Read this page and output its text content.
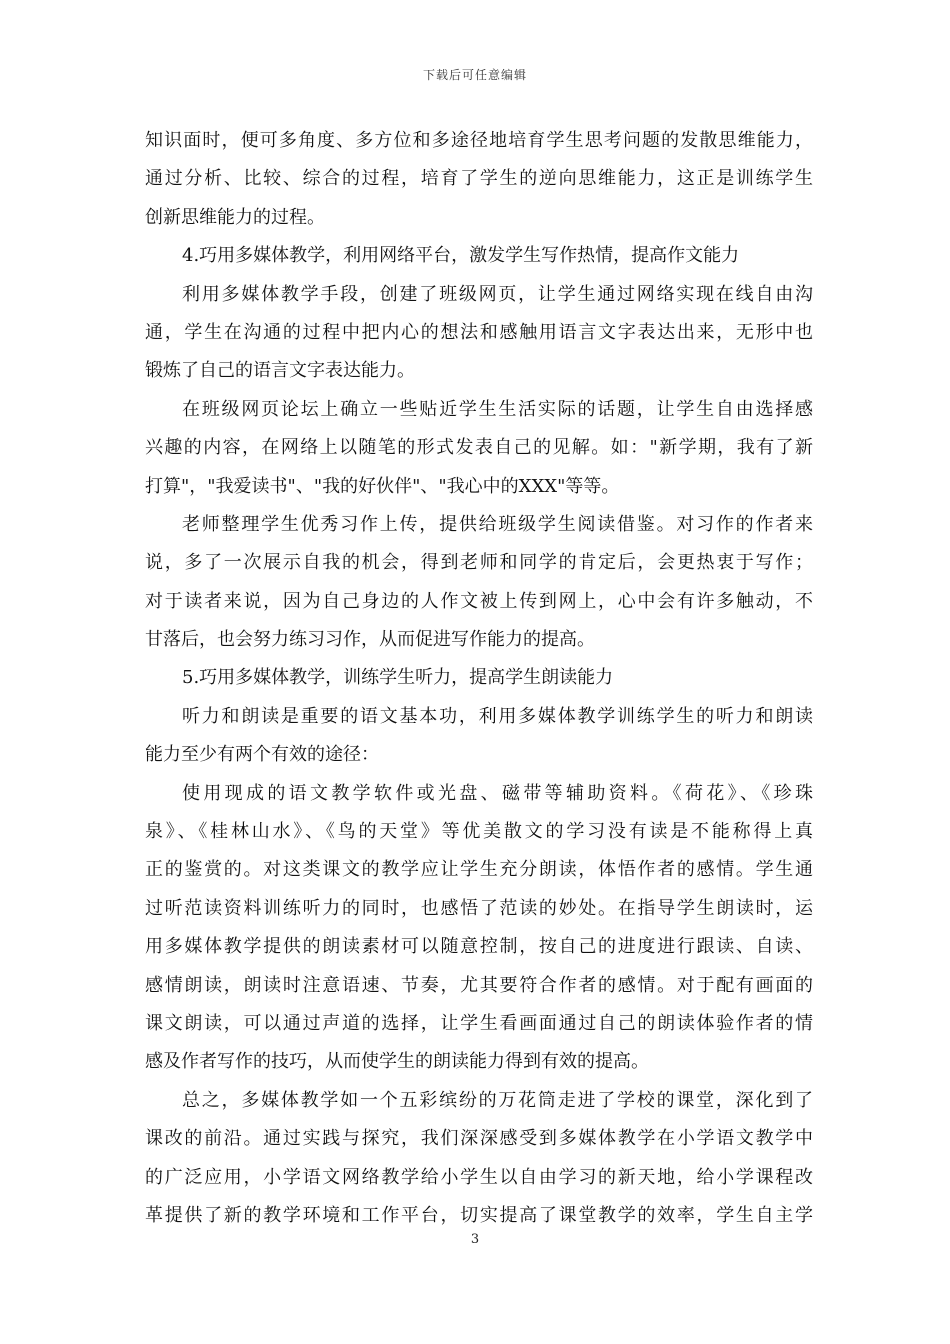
下载后可任意编辑
知识面时，便可多角度、多方位和多途径地培育学生思考问题的发散思维能力，
通过分析、比较、综合的过程，培育了学生的逆向思维能力，这正是训练学生
创新思维能力的过程。
4.巧用多媒体教学，利用网络平台，激发学生写作热情，提高作文能力
利用多媒体教学手段，创建了班级网页，让学生通过网络实现在线自由沟
通，学生在沟通的过程中把内心的想法和感触用语言文字表达出来，无形中也
锻炼了自己的语言文字表达能力。
在班级网页论坛上确立一些贴近学生生活实际的话题，让学生自由选择感
兴趣的内容，在网络上以随笔的形式发表自己的见解。如："新学期，我有了新
打算"，"我爱读书"、"我的好伙伴"、"我心中的XXX"等等。
老师整理学生优秀习作上传，提供给班级学生阅读借鉴。对习作的作者来
说，多了一次展示自我的机会，得到老师和同学的肯定后，会更热衷于写作；
对于读者来说，因为自己身边的人作文被上传到网上，心中会有许多触动，不
甘落后，也会努力练习习作，从而促进写作能力的提高。
5.巧用多媒体教学，训练学生听力，提高学生朗读能力
听力和朗读是重要的语文基本功，利用多媒体教学训练学生的听力和朗读
能力至少有两个有效的途径：
使用现成的语文教学软件或光盘、磁带等辅助资料。《荷花》、《珍珠
泉》、《桂林山水》、《鸟的天堂》等优美散文的学习没有读是不能称得上真
正的鉴赏的。对这类课文的教学应让学生充分朗读，体悟作者的感情。学生通
过听范读资料训练听力的同时，也感悟了范读的妙处。在指导学生朗读时，运
用多媒体教学提供的朗读素材可以随意控制，按自己的进度进行跟读、自读、
感情朗读，朗读时注意语速、节奏，尤其要符合作者的感情。对于配有画面的
课文朗读，可以通过声道的选择，让学生看画面通过自己的朗读体验作者的情
感及作者写作的技巧，从而使学生的朗读能力得到有效的提高。
总之，多媒体教学如一个五彩缤纷的万花筒走进了学校的课堂，深化到了
课改的前沿。通过实践与探究，我们深深感受到多媒体教学在小学语文教学中
的广泛应用，小学语文网络教学给小学生以自由学习的新天地，给小学课程改
革提供了新的教学环境和工作平台，切实提高了课堂教学的效率，学生自主学
3
